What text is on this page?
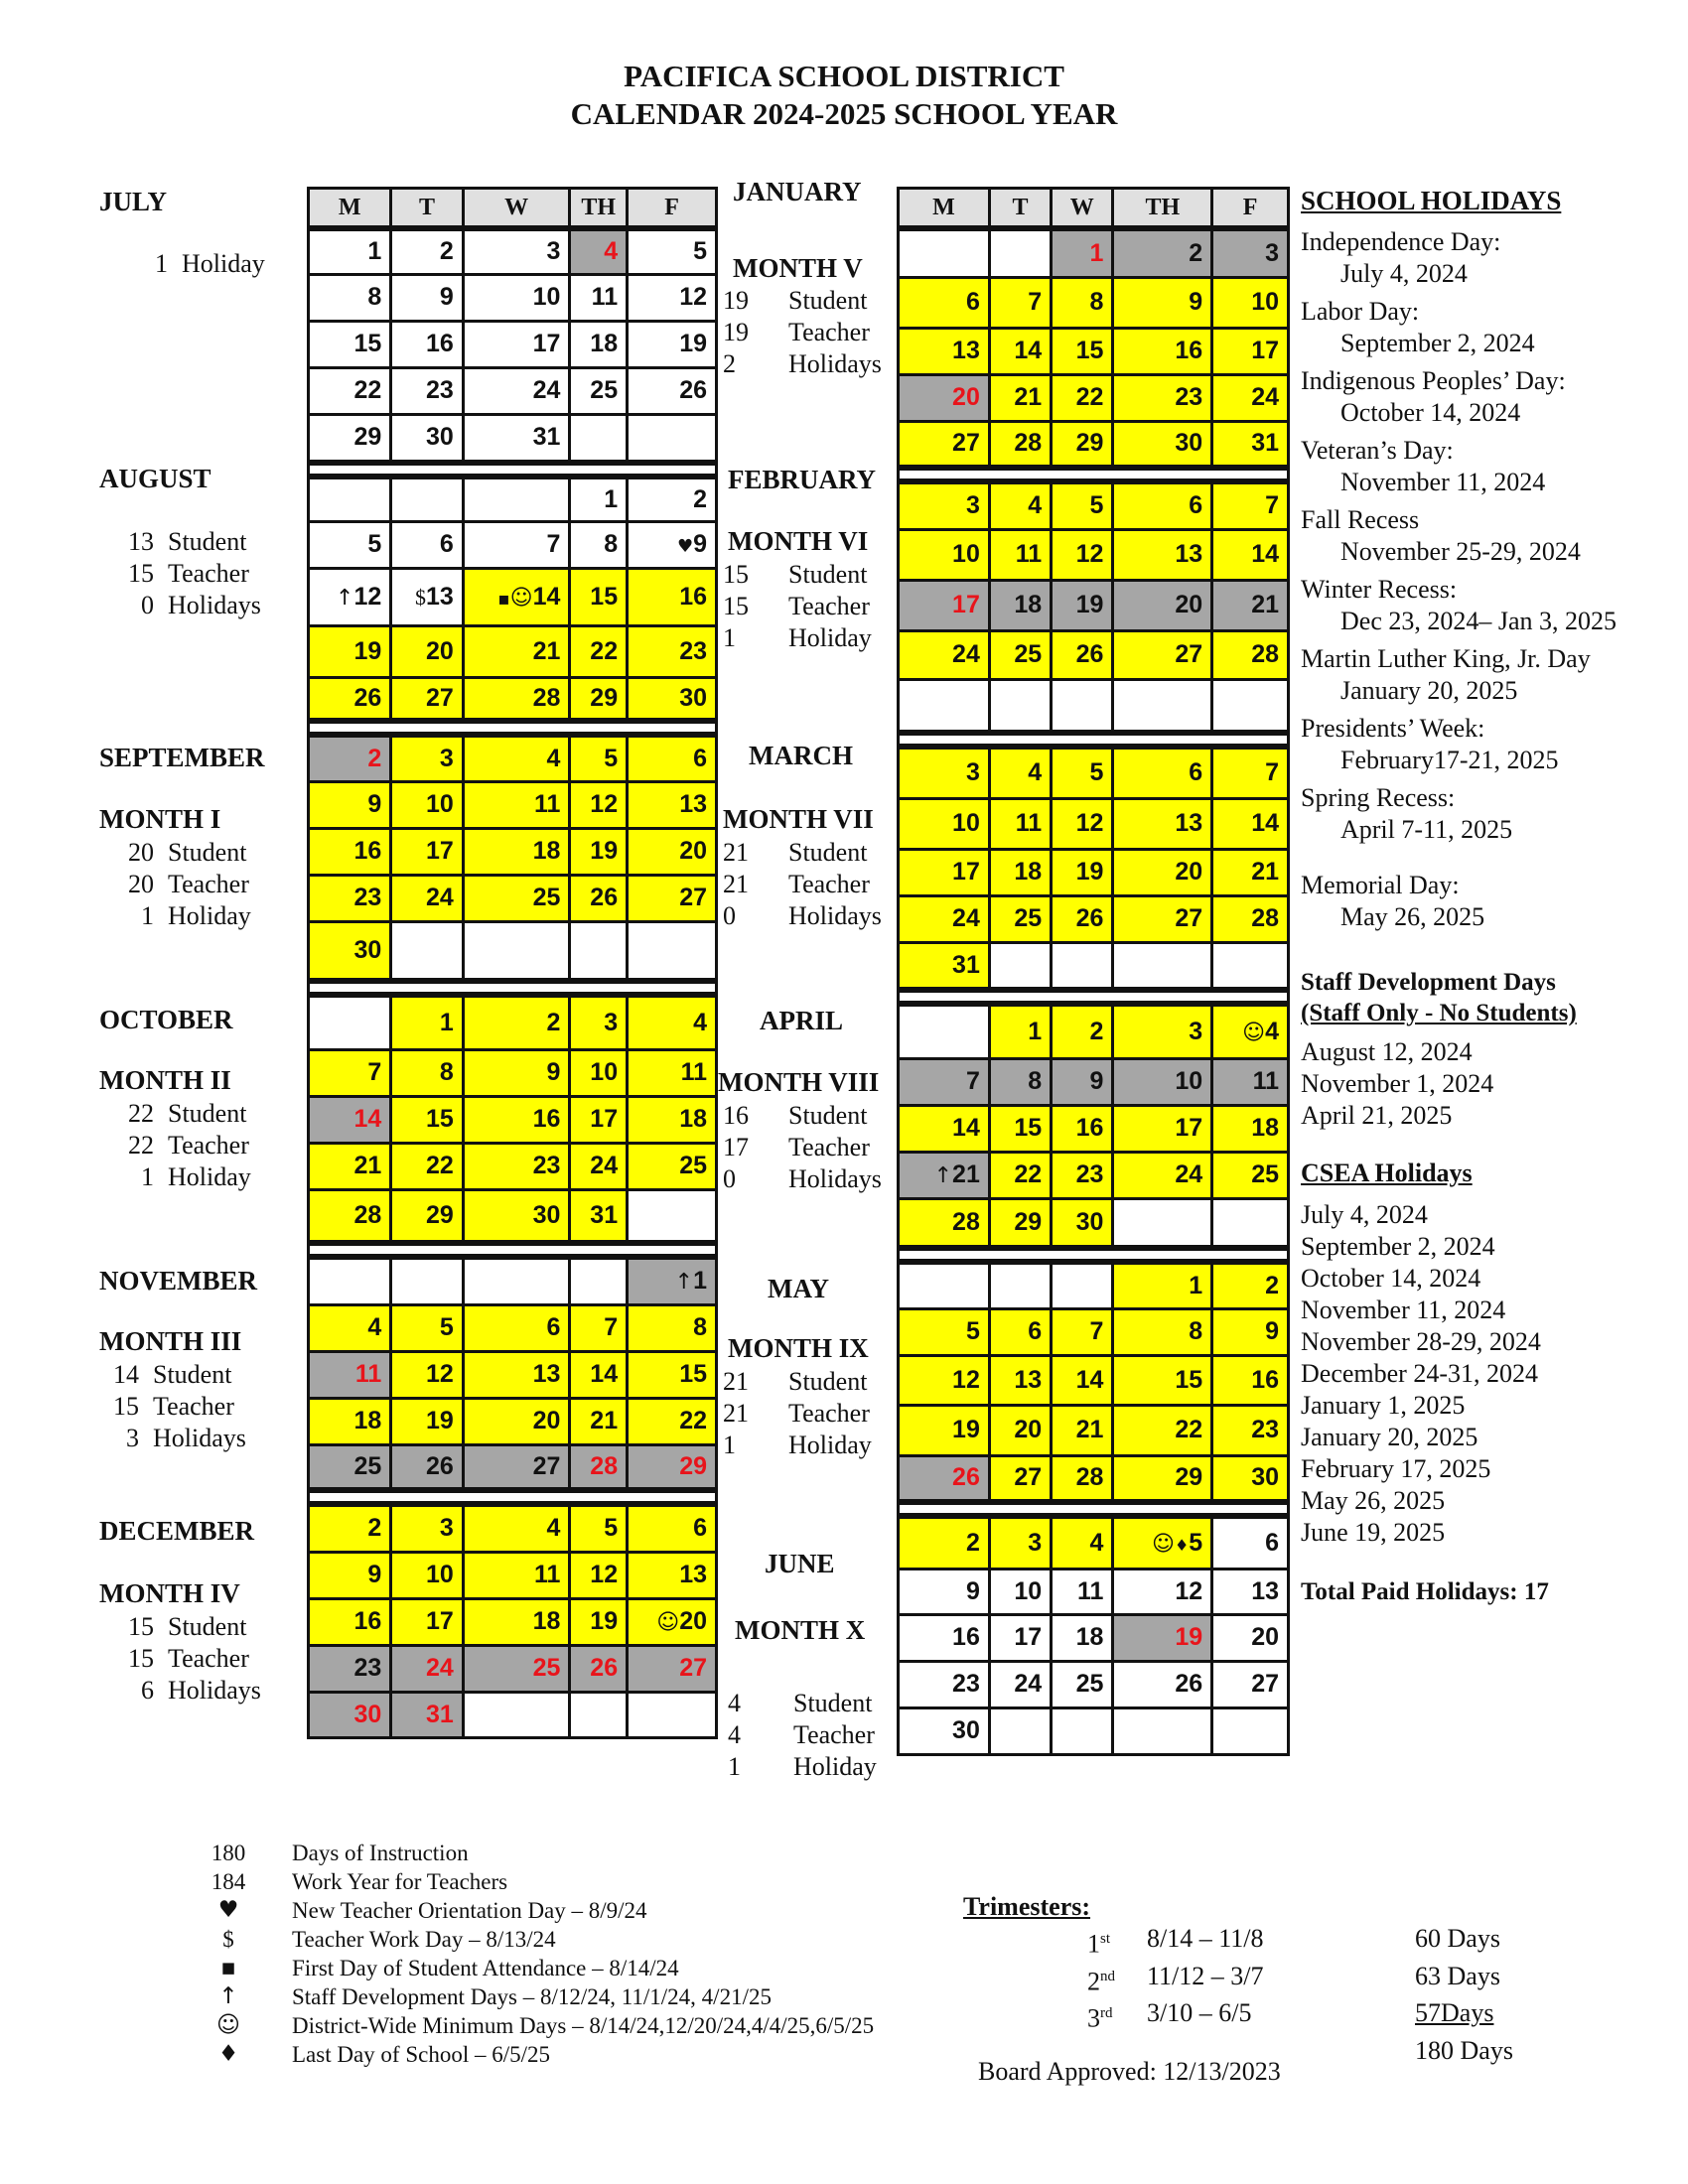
PACIFICA SCHOOL DISTRICT
CALENDAR 2024-2025 SCHOOL YEAR
JULY
1 Holiday
AUGUST
13 Student
15 Teacher
0 Holidays
SEPTEMBER
MONTH I
20 Student
20 Teacher
1 Holiday
OCTOBER
MONTH II
22 Student
22 Teacher
1 Holiday
NOVEMBER
MONTH III
14 Student
15 Teacher
3 Holidays
DECEMBER
MONTH IV
15 Student
15 Teacher
6 Holidays
JANUARY
MONTH V
19	Student
19	Teacher
2	Holidays
FEBRUARY
MONTH VI
15	Student
15	Teacher
1	Holiday
MARCH
MONTH VII
21	Student
21	Teacher
0	Holidays
APRIL
MONTH VIII
16	Student
17	Teacher
0	Holidays
MAY
MONTH IX
21	Student
21	Teacher
1	Holiday
JUNE
MONTH X
4	Student
4	Teacher
1	Holiday
M	T	W	TH	F
1	2	3	4	5
8	9	10	11	12
15	16	17	18	19
22	23	24	25	26
29	30	31		

			1	2
5	6	7	8	♥9
↑12	$13	▪☺14	15	16
19	20	21	22	23
26	27	28	29	30

2	3	4	5	6
9	10	11	12	13
16	17	18	19	20
23	24	25	26	27
30				

	1	2	3	4
7	8	9	10	11
14	15	16	17	18
21	22	23	24	25
28	29	30	31	

				↑1
4	5	6	7	8
11	12	13	14	15
18	19	20	21	22
25	26	27	28	29

2	3	4	5	6
9	10	11	12	13
16	17	18	19	☺20
23	24	25	26	27
30	31			
M	T	W	TH	F
		1	2	3
6	7	8	9	10
13	14	15	16	17
20	21	22	23	24
27	28	29	30	31

3	4	5	6	7
10	11	12	13	14
17	18	19	20	21
24	25	26	27	28

3	4	5	6	7
10	11	12	13	14
17	18	19	20	21
24	25	26	27	28
31				

	1	2	3	☺4
7	8	9	10	11
14	15	16	17	18
↑21	22	23	24	25
28	29	30		

			1	2
5	6	7	8	9
12	13	14	15	16
19	20	21	22	23
26	27	28	29	30

2	3	4	☺♦5	6
9	10	11	12	13
16	17	18	19	20
23	24	25	26	27
30				
SCHOOL HOLIDAYS
Independence Day:
July 4, 2024
Labor Day:
September 2, 2024
Indigenous Peoples’ Day:
October 14, 2024
Veteran’s Day:
November 11, 2024
Fall Recess
November 25-29, 2024
Winter Recess:
Dec 23, 2024– Jan 3, 2025
Martin Luther King, Jr. Day
January 20, 2025
Presidents’ Week:
February17-21, 2025
Spring Recess:
April 7-11, 2025
Memorial Day:
May 26, 2025
Staff Development Days
(Staff Only - No Students)
August 12, 2024
November 1, 2024
April 21, 2025
CSEA Holidays
July 4, 2024
September 2, 2024
October 14, 2024
November 11, 2024
November 28-29, 2024
December 24-31, 2024
January 1, 2025
January 20, 2025
February 17, 2025
May 26, 2025
June 19, 2025
Total Paid Holidays: 17
180	Days of Instruction
184	Work Year for Teachers
♥	New Teacher Orientation Day – 8/9/24
$	Teacher Work Day – 8/13/24
▪	First Day of Student Attendance – 8/14/24
↑	Staff Development Days – 8/12/24, 11/1/24, 4/21/25
☺	District-Wide Minimum Days – 8/14/24,12/20/24,4/4/25,6/5/25
♦	Last Day of School – 6/5/25
Trimesters:
1st	8/14 – 11/8	60 Days
2nd	11/12 – 3/7	63 Days
3rd	3/10 – 6/5	57Days
180 Days
Board Approved: 12/13/2023
